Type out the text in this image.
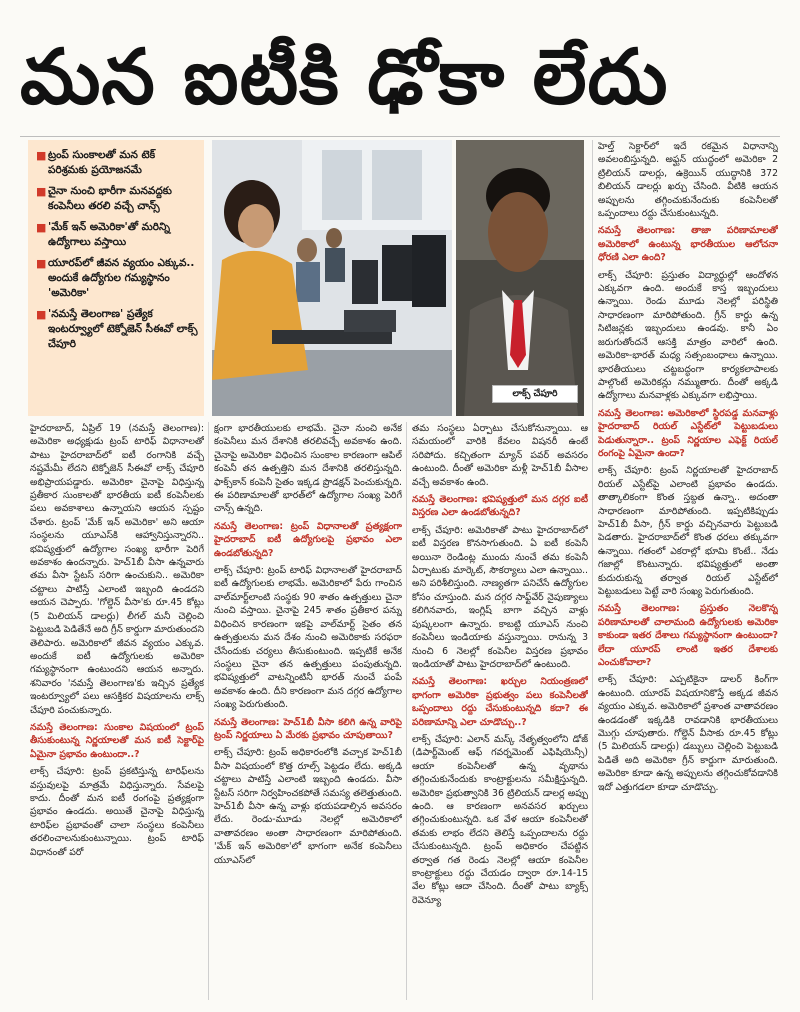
మన ఐటీకి ఢోకా లేదు
■ ట్రంప్ సుంకాలతో మన టెక్ పరిశ్రమకు ప్రయోజనమే
■ చైనా నుంచి భారీగా మనవద్దకు కంపెనీలు తరలి వచ్చే చాన్స్
■ 'మేక్ ఇన్ అమెరికా'తో మరిన్ని ఉద్యోగాలు వస్తాయి
■ యూరప్‌లో జీవన వ్యయం ఎక్కువ.. అందుకే ఉద్యోగుల గమ్యస్థానం 'అమెరికా'
■ 'నమస్తే తెలంగాణ' ప్రత్యేక ఇంటర్వ్యూలో టెక్నోజెన్ సీఈవో లాక్స్ చేపూరి
లాక్స్ చేపూరి

హైదరాబాద్, ఏప్రిల్ 19 (నమస్తే తెలంగాణ): అమెరికా అధ్యక్షుడు ట్రంప్ టారిఫ్ విధానాలతో పాటు హైదరాబాద్‌లో ఐటీ రంగానికి వచ్చే నష్టమేమీ లేదని టెక్నోజెన్ సీఈవో లాక్స్ చేపూరి అభిప్రాయపడ్డారు. అమెరికా చైనాపై విధిస్తున్న ప్రతీకార సుంకాలతో భారతీయ ఐటీ కంపెనీలకు పలు అవకాశాలు ఉన్నాయని ఆయన స్పష్టం చేశారు. ట్రంప్ 'మేక్ ఇన్ అమెరికా' అని ఆయా సంస్థలను యూఎస్‌కి ఆహ్వానిస్తున్నారని.. భవిష్యత్తులో ఉద్యోగాల సంఖ్య భారీగా పెరిగే అవకాశం ఉందన్నారు. హెచ్1బీ వీసా ఉన్నవారు తమ వీసా స్టేటస్ సరిగా ఉంచుకుని.. అమెరికా చట్టాలు పాటిస్తే ఎలాంటి ఇబ్బంది ఉండదని ఆయన చెప్పారు. 'గోల్డెన్ వీసా'కు రూ.45 కోట్లు (5 మిలియన్ డాలర్లు) లీగల్ మనీ చెల్లించి పెట్టుబడి పెడితేనే అది గ్రీన్ కార్డుగా మారుతుందని తెలిపారు. అమెరికాలో జీవన వ్యయం ఎక్కువ. అందుకే ఐటీ ఉద్యోగులకు అమెరికా గమ్యస్థానంగా ఉంటుందని ఆయన అన్నారు. శనివారం 'నమస్తే తెలంగాణ'కు ఇచ్చిన ప్రత్యేక ఇంటర్వ్యూలో పలు ఆసక్తికర విషయాలను లాక్స్ చేపూరి పంచుకున్నారు.

నమస్తే తెలంగాణ: సుంకాల విషయంలో ట్రంప్ తీసుకుంటున్న నిర్ణయాలతో మన ఐటీ సెక్టార్‌పై ఏమైనా ప్రభావం ఉంటుందా..?

లాక్స్ చేపూరి: ట్రంప్ ప్రకటిస్తున్న టారిఫ్‌లను వస్తువులపై మాత్రమే విధిస్తున్నారు. సేవలపై కాదు. దీంతో మన ఐటీ రంగంపై ప్రత్యక్షంగా ప్రభావం ఉండదు. అయితే చైనాపై విధిస్తున్న టారిఫ్‌ల ప్రభావంతో చాలా సంస్థలు కంపెనీలు తరలించాలనుకుంటున్నాయి. ట్రంప్ టారిఫ్ విధానంతో పరో

క్షంగా భారతీయులకు లాభమే. చైనా నుంచి అనేక కంపెనీలు మన దేశానికి తరలివచ్చే అవకాశం ఉంది. చైనాపై అమెరికా విధించిన సుంకాల కారణంగా ఆపిల్ కంపెనీ తన ఉత్పత్తిని మన దేశానికి తరలిస్తున్నది. ఫాక్స్‌కాన్ కంపెనీ సైతం ఇక్కడ ప్రొడక్షన్ పెంచుకున్నది. ఈ పరిణామాలతో భారత్‌లో ఉద్యోగాల సంఖ్య పెరిగే చాన్స్ ఉన్నది.

నమస్తే తెలంగాణ: ట్రంప్ విధానాలతో ప్రత్యక్షంగా హైదరాబాద్ ఐటీ ఉద్యోగులపై ప్రభావం ఎలా ఉండబోతున్నది?

లాక్స్ చేపూరి: ట్రంప్ టారిఫ్ విధానాలతో హైదరాబాద్ ఐటీ ఉద్యోగులకు లాభమే. అమెరికాలో పేరు గాంచిన వాల్‌మార్ట్‌లాంటి సంస్థకు 90 శాతం ఉత్పత్తులు చైనా నుంచి వస్తాయి. చైనాపై 245 శాతం ప్రతీకార పన్ను విధించిన కారణంగా ఇకపై వాల్‌మార్ట్ సైతం తన ఉత్పత్తులను మన దేశం నుంచి అమెరికాకు సరఫరా చేసేందుకు చర్యలు తీసుకుంటుంది. ఇప్పటికే అనేక సంస్థలు చైనా తన ఉత్పత్తులు పంపుతున్నది. భవిష్యత్తులో వాటన్నింటినీ భారత్ నుంచే పంపే అవకాశం ఉంది. దీని కారణంగా మన దగ్గర ఉద్యోగాల సంఖ్య పెరుగుతుంది.

నమస్తే తెలంగాణ: హెచ్1బీ వీసా కలిగి ఉన్న వారిపై ట్రంప్ నిర్ణయాలు ఏ మేరకు ప్రభావం చూపుతాయి?

లాక్స్ చేపూరి: ట్రంప్ అధికారంలోకి వచ్చాక హెచ్1బీ వీసా విషయంలో కొత్త రూల్స్ పెట్టడం లేదు. అక్కడి చట్టాలు పాటిస్తే ఎలాంటి ఇబ్బంది ఉండదు. వీసా స్టేటస్ సరిగా నిర్వహించకపోతే సమస్య తలెత్తుతుంది. హెచ్1బీ వీసా ఉన్న వాళ్లు భయపడాల్సిన అవసరం లేదు. రెండు-మూడు నెలల్లో అమెరికాలో వాతావరణం అంతా సాధారణంగా మారిపోతుంది. 'మేక్ ఇన్ అమెరికా'లో భాగంగా అనేక కంపెనీలు యూఎస్‌లో

తమ సంస్థలు ఏర్పాటు చేసుకోనున్నాయి. ఆ సమయంలో వారికి కేవలం విషనరీ ఉంటే సరిపోదు. కచ్చితంగా మ్యాన్ పవర్ అవసరం ఉంటుంది. దీంతో అమెరికా మళ్లీ హెచ్1బీ వీసాల వచ్చే అవకాశం ఉంది.

నమస్తే తెలంగాణ: భవిష్యత్తులో మన దగ్గర ఐటీ విస్తరణ ఎలా ఉండబోతున్నది?

లాక్స్ చేపూరి: అమెరికాతో పాటు హైదరాబాద్‌లో ఐటీ విస్తరణ కొనసాగుతుంది. ఏ ఐటీ కంపెనీ అయినా రెండింట్ల ముందు నుంచే తమ కంపెనీ ఏర్పాటుకు మార్కెట్, సౌకర్యాలు ఎలా ఉన్నాయి.. అని పరిశీలిస్తుంది. నాణ్యతగా పనిచేసే ఉద్యోగుల కోసం చూస్తుంది. మన దగ్గర సాఫ్ట్‌వేర్ నైపుణ్యాలు కలిగినవారు, ఇంగ్లిష్ బాగా వచ్చిన వాళ్లు పుష్కలంగా ఉన్నారు. కాబట్టి యూఎస్ నుంచి కంపెనీలు ఇండియాకు వస్తున్నాయి. రానున్న 3 నుంచి 6 నెలల్లో కంపెనీల విస్తరణ ప్రభావం ఇండియాతో పాటు హైదరాబాద్‌లో ఉంటుంది.

నమస్తే తెలంగాణ: ఖర్చుల నియంత్రణలో భాగంగా అమెరికా ప్రభుత్వం పలు కంపెనీలతో ఒప్పందాలు రద్దు చేసుకుంటున్నది కదా? ఈ పరిణామాన్ని ఎలా చూడొచ్చు..?

లాక్స్ చేపూరి: ఎలాన్ మస్క్ నేతృత్వంలోని డోజ్ (డిపార్ట్‌మెంట్ ఆఫ్ గవర్నమెంట్ ఎఫిషియెన్సీ) ఆయా కంపెనీలతో ఉన్న వృథాను తగ్గించుకునేందుకు కాంట్రాక్టులను సమీక్షిస్తున్నది. అమెరికా ప్రభుత్వానికి 36 ట్రిలియన్ డాలర్ల అప్పు ఉంది. ఆ కారణంగా అనవసర ఖర్చులు తగ్గించుకుంటున్నది. ఒక వేళ ఆయా కంపెనీలతో తమకు లాభం లేదని తెలిస్తే ఒప్పందాలను రద్దు చేసుకుంటున్నది. ట్రంప్ అధికారం చేపట్టిన తర్వాత గత రెండు నెలల్లో ఆయా కంపెనీల కాంట్రాక్టులు రద్దు చేయడం ద్వారా రూ.14-15 వేల కోట్లు ఆదా చేసింది. దీంతో పాటు బ్యాక్స్ రెవెన్యూ

హెల్త్ సెక్టార్‌లో ఇదే రకమైన విధానాన్ని అవలంబిస్తున్నది. అఫ్ఘన్ యుద్ధంలో అమెరికా 2 ట్రిలియన్ డాలర్లు, ఉక్రెయిన్ యుద్ధానికి 372 బిలియన్ డాలర్లు ఖర్చు చేసింది. వీటికి ఆయన అప్పులను తగ్గించుకునేందుకు కంపెనీలతో ఒప్పందాలు రద్దు చేసుకుంటున్నది.

నమస్తే తెలంగాణ: తాజా పరిణామాలతో అమెరికాలో ఉంటున్న భారతీయుల ఆలోచనా ధోరణి ఎలా ఉంది?

లాక్స్ చేపూరి: ప్రస్తుతం విద్యార్థుల్లో ఆందోళన ఎక్కువగా ఉంది. అందుకే కాస్త ఇబ్బందులు ఉన్నాయి. రెండు మూడు నెలల్లో పరిస్థితి సాధారణంగా మారిపోతుంది. గ్రీన్ కార్డు ఉన్న సిటిజన్లకు ఇబ్బందులు ఉండవు. కానీ ఏం జరుగుతోందనే ఆసక్తి మాత్రం వారిలో ఉంది. అమెరికా-భారత్ మధ్య సత్సంబంధాలు ఉన్నాయి. భారతీయులు చట్టబద్ధంగా కార్యకలాపాలకు పాల్గొంటే అమెరికన్లు నమ్ముతారు. దీంతో అక్కడి ఉద్యోగాలు మనవాళ్లకు ఎక్కువగా లభిస్తాయి.

నమస్తే తెలంగాణ: అమెరికాలో స్థిరపడ్డ మనవాళ్లు హైదరాబాద్ రియల్ ఎస్టేట్‌లో పెట్టుబడులు పెడుతున్నారా.. ట్రంప్ నిర్ణయాల ఎఫెక్ట్ రియల్ రంగంపై ఏమైనా ఉందా?

లాక్స్ చేపూరి: ట్రంప్ నిర్ణయాలతో హైదరాబాద్ రియల్ ఎస్టేట్‌పై ఎలాంటి ప్రభావం ఉండదు. తాత్కాలికంగా కొంత స్తబ్దత ఉన్నా.. అదంతా సాధారణంగా మారిపోతుంది. ఇప్పటికిప్పుడు హెచ్1బీ వీసా, గ్రీన్ కార్డు వచ్చినవారు పెట్టుబడి పెడతారు. హైదరాబాద్‌లో కొంత ధరలు తక్కువగా ఉన్నాయి. గతంలో ఎకరాల్లో భూమి కొంటే.. నేడు గజాల్లో కొంటున్నారు. భవిష్యత్తులో అంతా కుదురుకున్న తర్వాత రియల్ ఎస్టేట్‌లో పెట్టుబడులు పెట్టే వారి సంఖ్య పెరుగుతుంది.

నమస్తే తెలంగాణ: ప్రస్తుతం నెలకొన్న పరిణామాలతో చాలామంది ఉద్యోగులకు అమెరికా కాకుండా ఇతర దేశాలు గమ్యస్థానంగా ఉంటుందా? లేదా యూరప్ లాంటి ఇతర దేశాలకు ఎంచుకోవాలా?

లాక్స్ చేపూరి: ఎప్పటికైనా డాలర్ కింగ్‌గా ఉంటుంది. యూరప్ విషయానికొస్తే అక్కడ జీవన వ్యయం ఎక్కువ. అమెరికాలో ప్రశాంత వాతావరణం ఉండడంతో ఇక్కడికి రావడానికి భారతీయులు మొగ్గు చూపుతారు. గోల్డెన్ వీసాకు రూ.45 కోట్లు (5 మిలియన్ డాలర్లు) డబ్బులు చెల్లించి పెట్టుబడి పెడితే అది అమెరికా గ్రీన్ కార్డుగా మారుతుంది. అమెరికా కూడా ఉన్న అప్పులను తగ్గించుకోవడానికి ఇదో ఎత్తుగడలా కూడా చూడొచ్చు.
